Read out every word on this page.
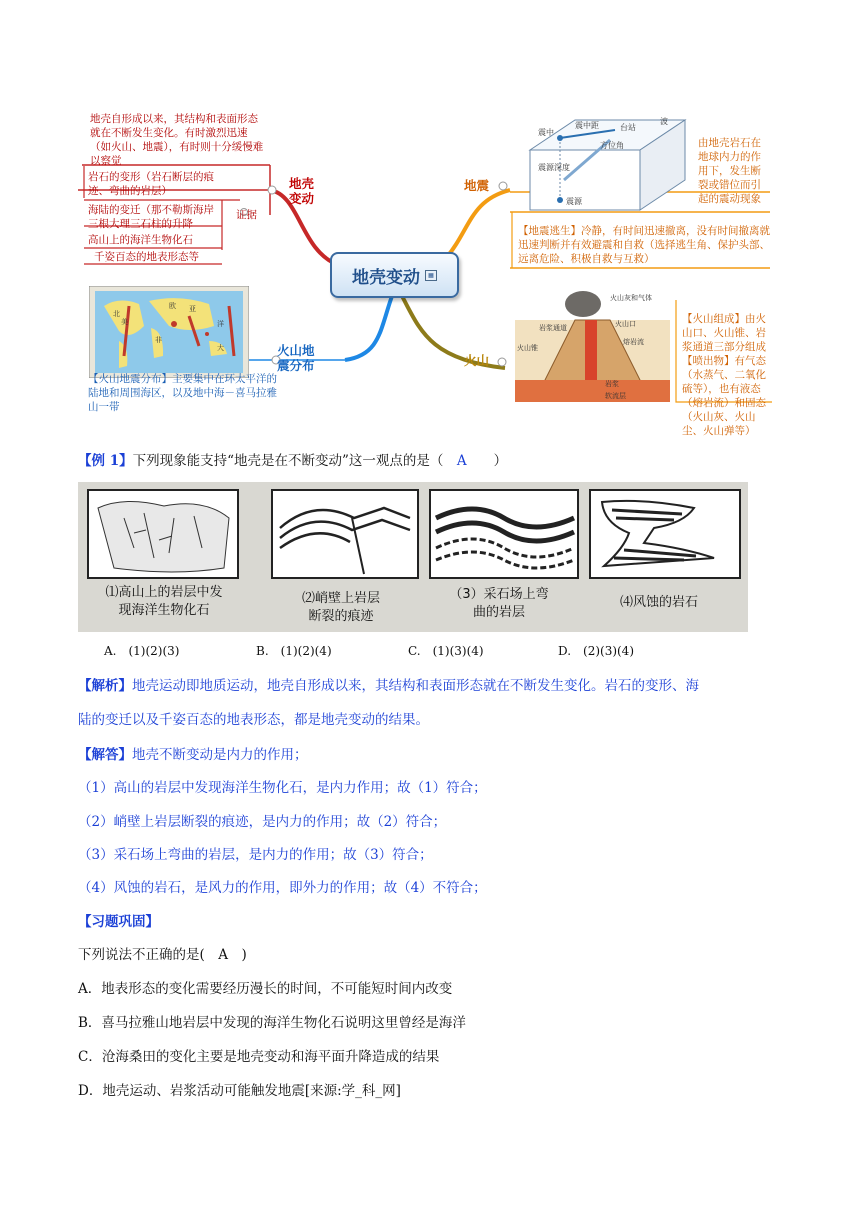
地壳变动	▦
地壳
变动
地壳自形成以来，其结构和表面形态就在不断发生变化。有时激烈迅速（如火山、地震），有时则十分缓慢难以察觉
岩石的变形（岩石断层的痕迹、弯曲的岩层）
海陆的变迁（那不勒斯海岸三根大理三石柱的升降
高山上的海洋生物化石
千姿百态的地表形态等
证据
地震
震中
震中距	台站
方位角
震源深度
震源
波
由地壳岩石在地球内力的作用下，发生断裂或错位而引起的震动现象
【地震逃生】冷静，有时间迅速撤离，没有时间撤离就迅速判断并有效避震和自救（选择逃生角、保护头部、远离危险、积极自救与互救）
火山地
震分布
亚
欧
非
北
美
大
洋
【火山地震分布】主要集中在环太平洋的陆地和周围海区，以及地中海－喜马拉雅山一带
火山
火山灰和气体
火山口
岩浆通道
火山锥
熔岩流
岩浆
软流层
【火山组成】由火山口、火山锥、岩浆通道三部分组成【喷出物】有气态（水蒸气、二氧化硫等），也有液态（熔岩流）和固态（火山灰、火山尘、火山弹等）
【例 1】下列现象能支持“地壳是在不断变动”这一观点的是（　 A　　 ）
⑴高山上的岩层中发
现海洋生物化石
⑵峭壁上岩层
断裂的痕迹
（3）采石场上弯
曲的岩层
⑷风蚀的岩石
A.　(1)(2)(3)	B.　(1)(2)(4)	C.　(1)(3)(4)	D.　(2)(3)(4)
【解析】地壳运动即地质运动，地壳自形成以来，其结构和表面形态就在不断发生变化。岩石的变形、海
陆的变迁以及千姿百态的地表形态，都是地壳变动的结果。
【解答】地壳不断变动是内力的作用；
（1）高山的岩层中发现海洋生物化石，是内力作用；故（1）符合；
（2）峭壁上岩层断裂的痕迹，是内力的作用；故（2）符合；
（3）采石场上弯曲的岩层，是内力的作用；故（3）符合；
（4）风蚀的岩石，是风力的作用，即外力的作用；故（4）不符合；
【习题巩固】
下列说法不正确的是(　A　)
A．地表形态的变化需要经历漫长的时间，不可能短时间内改变
B．喜马拉雅山地岩层中发现的海洋生物化石说明这里曾经是海洋
C．沧海桑田的变化主要是地壳变动和海平面升降造成的结果
D．地壳运动、岩浆活动可能触发地震[来源:学_科_网]
